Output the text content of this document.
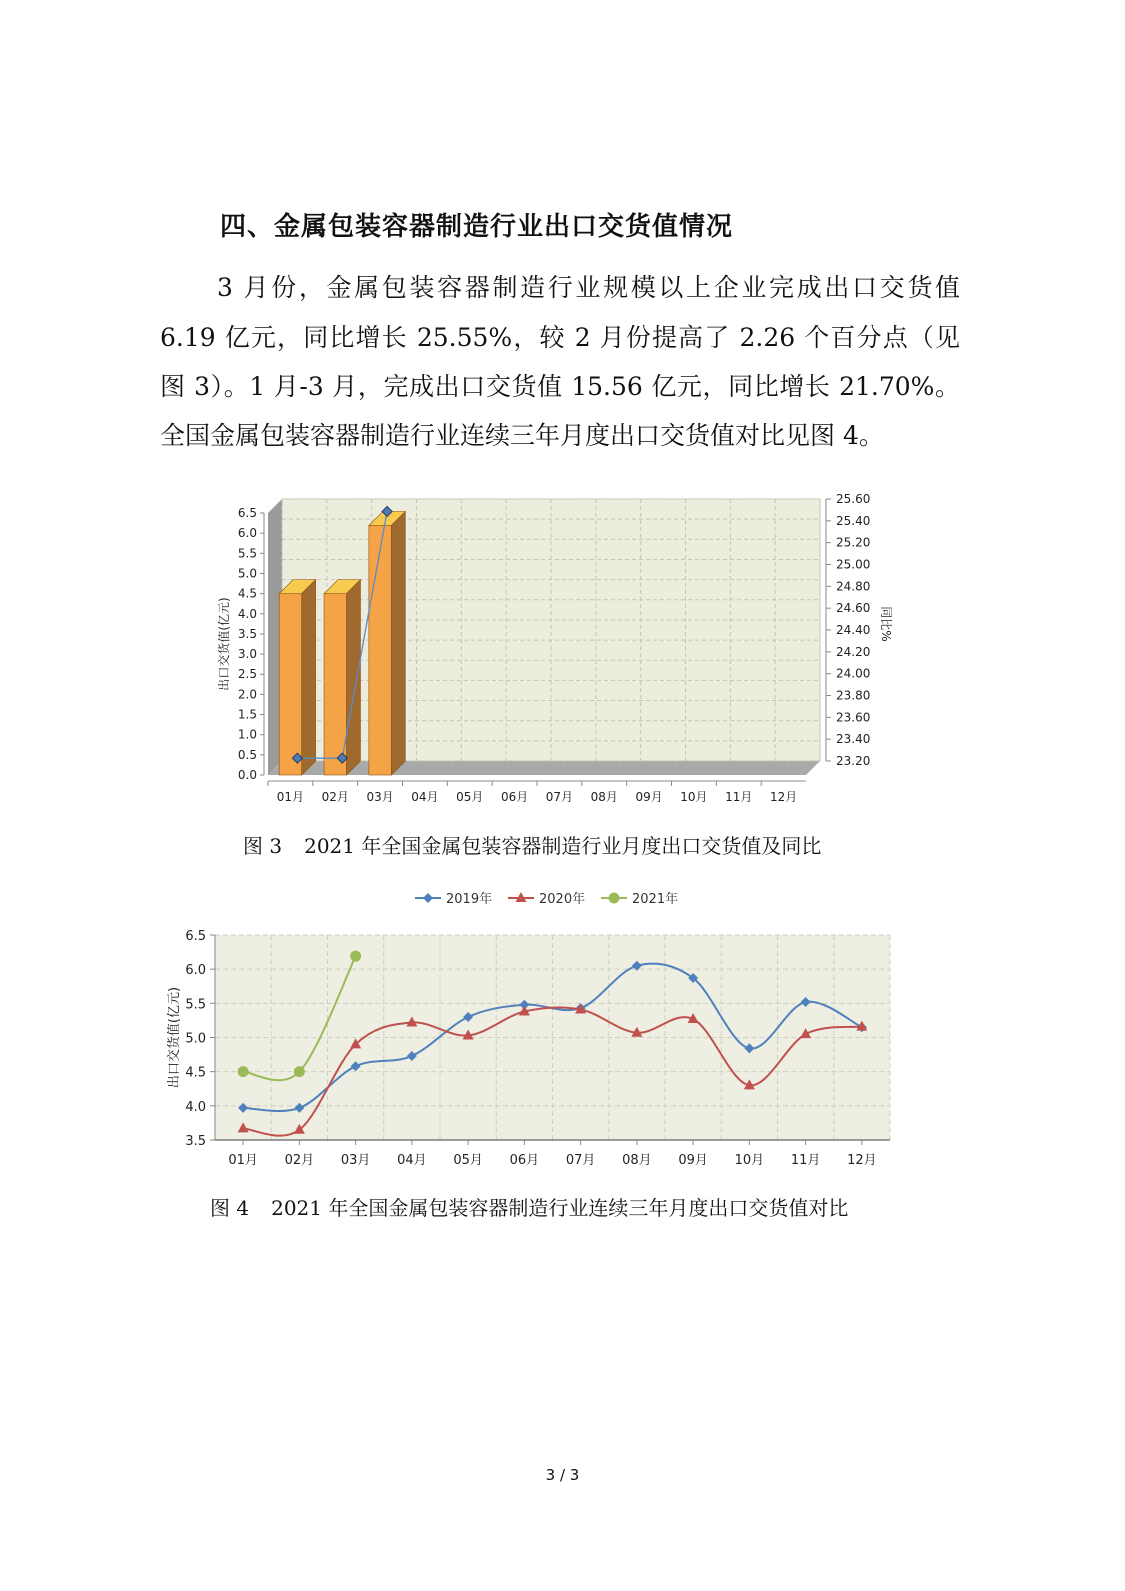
四、金属包装容器制造行业出口交货值情况

3 月份，金属包装容器制造行业规模以上企业完成出口交货值

6.19 亿元，同比增长 25.55%，较 2 月份提高了 2.26 个百分点（见

图 3）。1 月-3 月，完成出口交货值 15.56 亿元，同比增长 21.70%。

全国金属包装容器制造行业连续三年月度出口交货值对比见图 4。

0.0
0.5
1.0
1.5
2.0
2.5
3.0
3.5
4.0
4.5
5.0
5.5
6.0
6.5
23.20
23.40
23.60
23.80
24.00
24.20
24.40
24.60
24.80
25.00
25.20
25.40
25.60
出口交货值(亿元)	同比%
01月 02月 03月 04月 05月 06月 07月 08月 09月 10月 11月 12月
图 3 2021 年全国金属包装容器制造行业月度出口交货值及同比
3.5
4.0
4.5
5.0
5.5
6.0
6.5
01月 02月 03月 04月 05月 06月 07月 08月 09月 10月 11月 12月
出口交货值(亿元)
2019年	2020年	2021年
图 4 2021 年全国金属包装容器制造行业连续三年月度出口交货值对比
3 / 3
